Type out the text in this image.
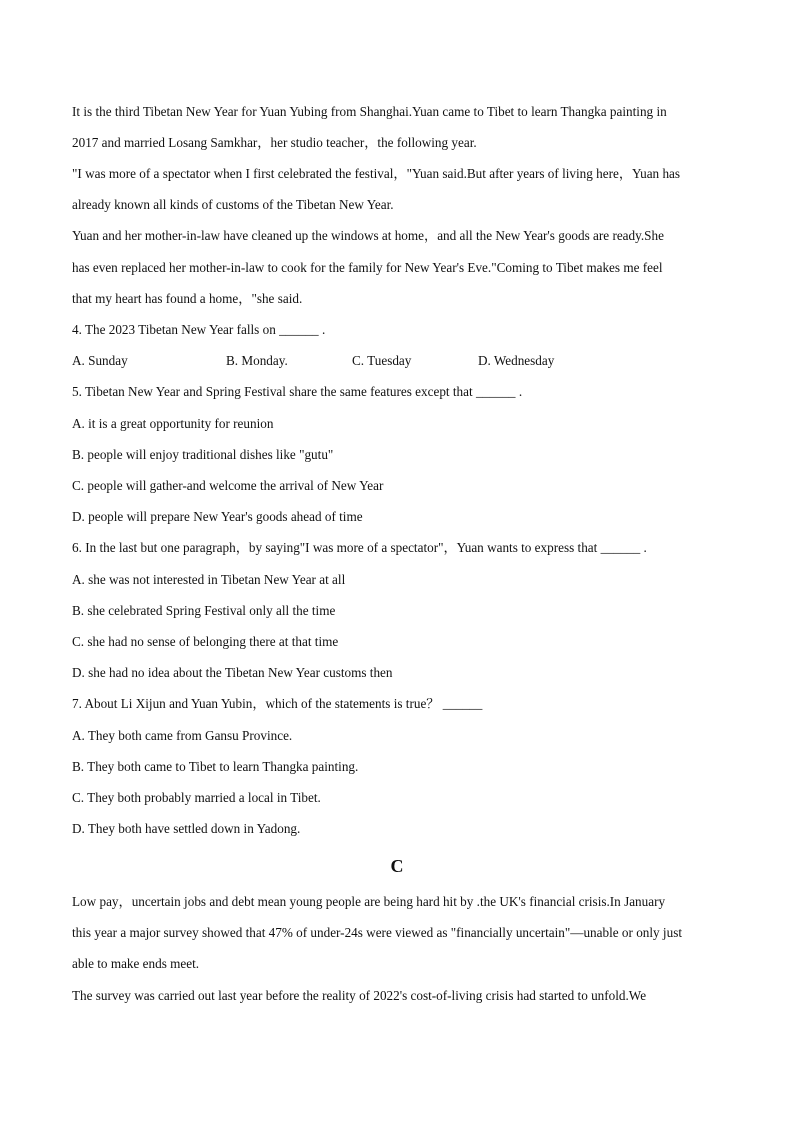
It is the third Tibetan New Year for Yuan Yubing from Shanghai.Yuan came to Tibet to learn Thangka painting in
2017 and married Losang Samkhar，her studio teacher，the following year.
"I was more of a spectator when I first celebrated the festival，"Yuan said.But after years of living here，Yuan has
already known all kinds of customs of the Tibetan New Year.
Yuan and her mother-in-law have cleaned up the windows at home，and all the New Year's goods are ready.She
has even replaced her mother-in-law to cook for the family for New Year's Eve."Coming to Tibet makes me feel
that my heart has found a home，"she said.
4. The 2023 Tibetan New Year falls on ______ .
A. Sunday	B. Monday.	C. Tuesday	D. Wednesday
5. Tibetan New Year and Spring Festival share the same features except that ______ .
A. it is a great opportunity for reunion
B. people will enjoy traditional dishes like "gutu"
C. people will gather-and welcome the arrival of New Year
D. people will prepare New Year's goods ahead of time
6. In the last but one paragraph，by saying"I was more of a spectator"，Yuan wants to express that ______ .
A. she was not interested in Tibetan New Year at all
B. she celebrated Spring Festival only all the time
C. she had no sense of belonging there at that time
D. she had no idea about the Tibetan New Year customs then
7. About Li Xijun and Yuan Yubin，which of the statements is true？ ______
A. They both came from Gansu Province.
B. They both came to Tibet to learn Thangka painting.
C. They both probably married a local in Tibet.
D. They both have settled down in Yadong.
C
Low pay，uncertain jobs and debt mean young people are being hard hit by .the UK's financial crisis.In January
this year a major survey showed that 47% of under-24s were viewed as "financially uncertain"—unable or only just
able to make ends meet.
The survey was carried out last year before the reality of 2022's cost-of-living crisis had started to unfold.We
